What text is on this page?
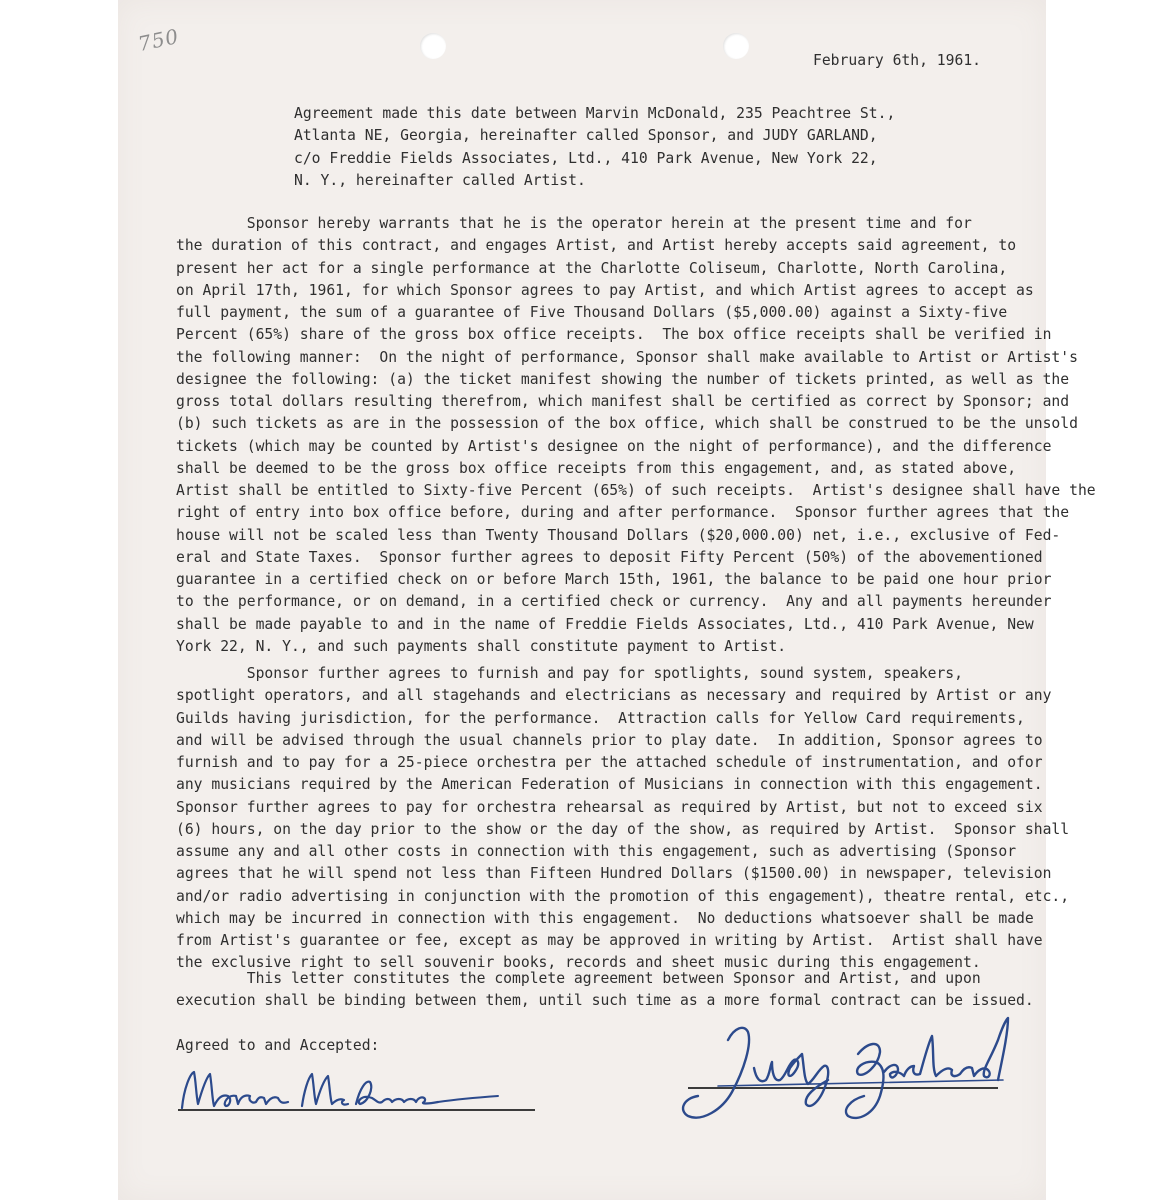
750
February 6th, 1961.
Agreement made this date between Marvin McDonald, 235 Peachtree St.,
Atlanta NE, Georgia, hereinafter called Sponsor, and JUDY GARLAND,
c/o Freddie Fields Associates, Ltd., 410 Park Avenue, New York 22,
N. Y., hereinafter called Artist.
Sponsor hereby warrants that he is the operator herein at the present time and for
the duration of this contract, and engages Artist, and Artist hereby accepts said agreement, to
present her act for a single performance at the Charlotte Coliseum, Charlotte, North Carolina,
on April 17th, 1961, for which Sponsor agrees to pay Artist, and which Artist agrees to accept as
full payment, the sum of a guarantee of Five Thousand Dollars ($5,000.00) against a Sixty-five
Percent (65%) share of the gross box office receipts.  The box office receipts shall be verified in
the following manner:  On the night of performance, Sponsor shall make available to Artist or Artist's
designee the following: (a) the ticket manifest showing the number of tickets printed, as well as the
gross total dollars resulting therefrom, which manifest shall be certified as correct by Sponsor; and
(b) such tickets as are in the possession of the box office, which shall be construed to be the unsold
tickets (which may be counted by Artist's designee on the night of performance), and the difference
shall be deemed to be the gross box office receipts from this engagement, and, as stated above,
Artist shall be entitled to Sixty-five Percent (65%) of such receipts.  Artist's designee shall have the
right of entry into box office before, during and after performance.  Sponsor further agrees that the
house will not be scaled less than Twenty Thousand Dollars ($20,000.00) net, i.e., exclusive of Fed-
eral and State Taxes.  Sponsor further agrees to deposit Fifty Percent (50%) of the abovementioned
guarantee in a certified check on or before March 15th, 1961, the balance to be paid one hour prior
to the performance, or on demand, in a certified check or currency.  Any and all payments hereunder
shall be made payable to and in the name of Freddie Fields Associates, Ltd., 410 Park Avenue, New
York 22, N. Y., and such payments shall constitute payment to Artist.
Sponsor further agrees to furnish and pay for spotlights, sound system, speakers,
spotlight operators, and all stagehands and electricians as necessary and required by Artist or any
Guilds having jurisdiction, for the performance.  Attraction calls for Yellow Card requirements,
and will be advised through the usual channels prior to play date.  In addition, Sponsor agrees to
furnish and to pay for a 25-piece orchestra per the attached schedule of instrumentation, and ofor
any musicians required by the American Federation of Musicians in connection with this engagement.
Sponsor further agrees to pay for orchestra rehearsal as required by Artist, but not to exceed six
(6) hours, on the day prior to the show or the day of the show, as required by Artist.  Sponsor shall
assume any and all other costs in connection with this engagement, such as advertising (Sponsor
agrees that he will spend not less than Fifteen Hundred Dollars ($1500.00) in newspaper, television
and/or radio advertising in conjunction with the promotion of this engagement), theatre rental, etc.,
which may be incurred in connection with this engagement.  No deductions whatsoever shall be made
from Artist's guarantee or fee, except as may be approved in writing by Artist.  Artist shall have
the exclusive right to sell souvenir books, records and sheet music during this engagement.
This letter constitutes the complete agreement between Sponsor and Artist, and upon
execution shall be binding between them, until such time as a more formal contract can be issued.
Agreed to and Accepted:
